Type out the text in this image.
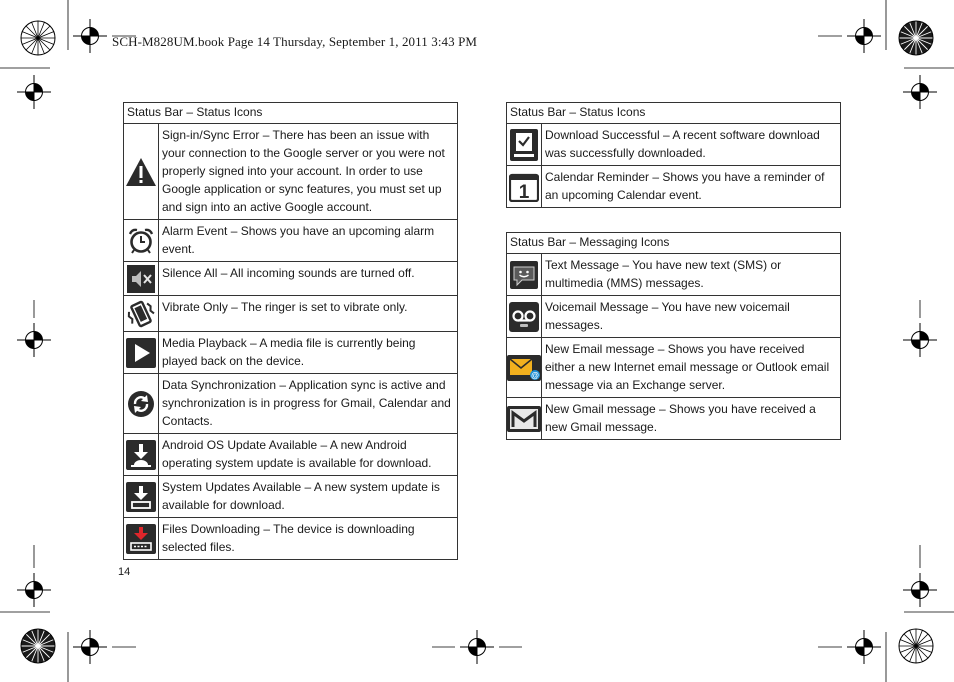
SCH-M828UM.book Page 14 Thursday, September 1, 2011 3:43 PM
Status Bar – Status Icons	

	Sign-in/Sync Error – There has been an issue with your connection to the Google server or you were not properly signed into your account. In order to use Google application or sync features, you must set up and sign into an active Google account.

	Alarm Event – Shows you have an upcoming alarm event.

	Silence All – All incoming sounds are turned off.

	Vibrate Only – The ringer is set to vibrate only.

	Media Playback – A media file is currently being played back on the device.

	Data Synchronization – Application sync is active and synchronization is in progress for Gmail, Calendar and Contacts.

	Android OS Update Available – A new Android operating system update is available for download.

	System Updates Available – A new system update is available for download.

	Files Downloading – The device is downloading selected files.
Status Bar – Status Icons	

	Download Successful – A recent software download was successfully downloaded.

1	Calendar Reminder – Shows you have a reminder of an upcoming Calendar event.
Status Bar – Messaging Icons	

	Text Message – You have new text (SMS) or multimedia (MMS) messages.

	Voicemail Message – You have new voicemail messages.

@	New Email message – Shows you have received either a new Internet email message or Outlook email message via an Exchange server.

	New Gmail message – Shows you have received a new Gmail message.
14
